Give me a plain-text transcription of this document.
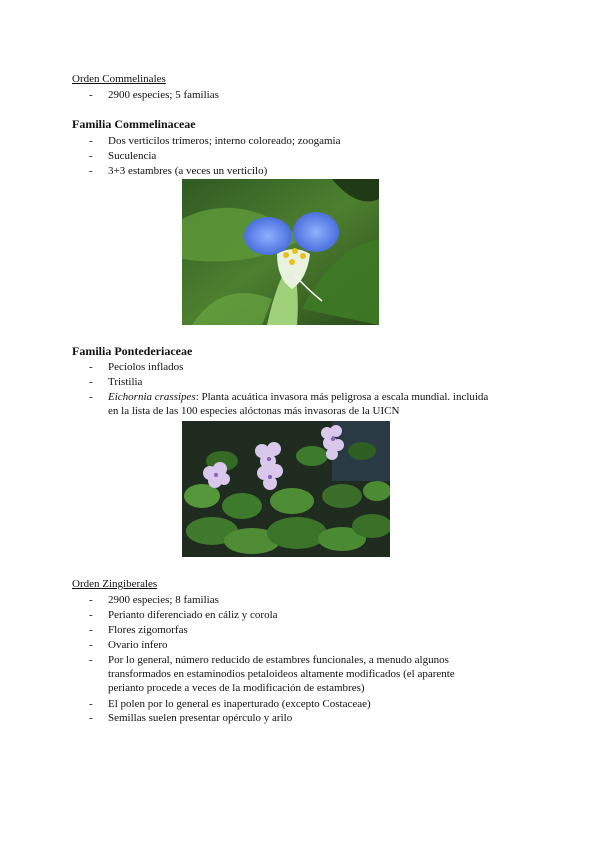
Orden Commelinales
- 2900 especies; 5 familias
Familia Commelinaceae
- Dos verticilos trímeros; interno coloreado; zoogamia
- Suculencia
- 3+3 estambres (a veces un verticilo)
Familia Pontederiaceae
- Pecíolos inflados
- Tristilia
- Eichornia crassipes: Planta acuática invasora más peligrosa a escala mundial. incluida en la lista de las 100 especies alóctonas más invasoras de la UICN
Orden Zingiberales
- 2900 especies; 8 familias
- Perianto diferenciado en cáliz y corola
- Flores zigomorfas
- Ovario ínfero
- Por lo general, número reducido de estambres funcionales, a menudo algunos transformados en estaminodios petaloideos altamente modificados (el aparente perianto procede a veces de la modificación de estambres)
- El polen por lo general es inaperturado (excepto Costaceae)
- Semillas suelen presentar opérculo y arilo
